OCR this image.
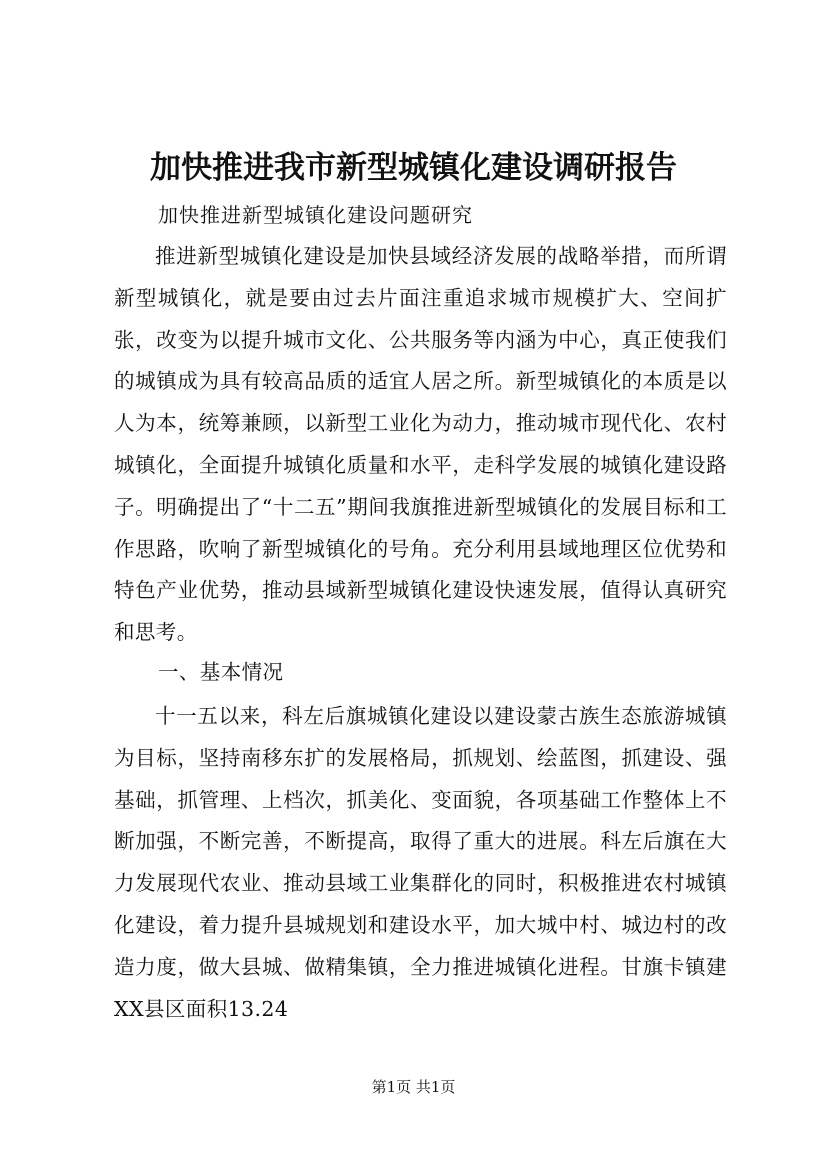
加快推进我市新型城镇化建设调研报告

加快推进新型城镇化建设问题研究

推进新型城镇化建设是加快县域经济发展的战略举措，而所谓新型城镇化，就是要由过去片面注重追求城市规模扩大、空间扩张，改变为以提升城市文化、公共服务等内涵为中心，真正使我们的城镇成为具有较高品质的适宜人居之所。新型城镇化的本质是以人为本，统筹兼顾，以新型工业化为动力，推动城市现代化、农村城镇化，全面提升城镇化质量和水平，走科学发展的城镇化建设路子。明确提出了“十二五”期间我旗推进新型城镇化的发展目标和工作思路，吹响了新型城镇化的号角。充分利用县域地理区位优势和特色产业优势，推动县域新型城镇化建设快速发展，值得认真研究和思考。

一、基本情况

十一五以来，科左后旗城镇化建设以建设蒙古族生态旅游城镇为目标，坚持南移东扩的发展格局，抓规划、绘蓝图，抓建设、强基础，抓管理、上档次，抓美化、变面貌，各项基础工作整体上不断加强，不断完善，不断提高，取得了重大的进展。科左后旗在大力发展现代农业、推动县域工业集群化的同时，积极推进农村城镇化建设，着力提升县城规划和建设水平，加大城中村、城边村的改造力度，做大县城、做精集镇，全力推进城镇化进程。甘旗卡镇建XX县区面积13.24

第1页 共1页
